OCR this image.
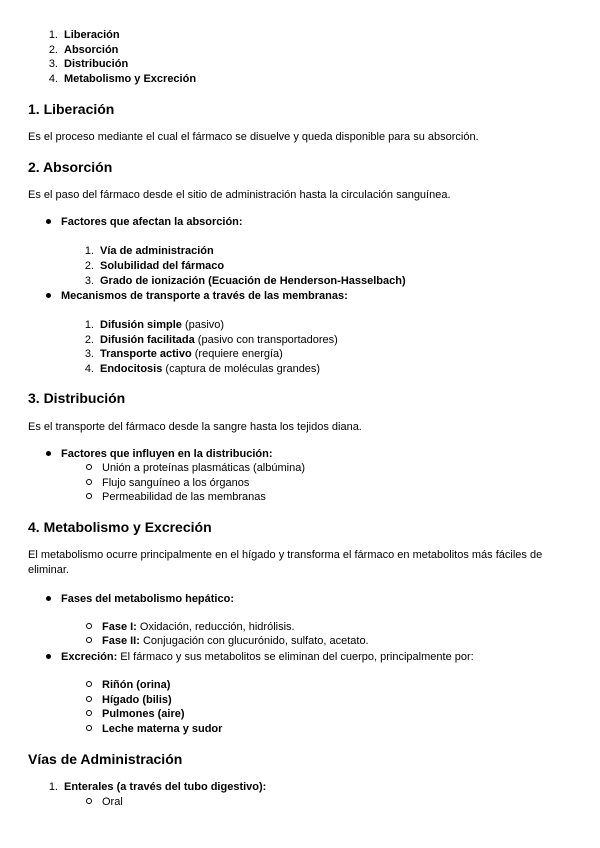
1. Liberación
2. Absorción
3. Distribución
4. Metabolismo y Excreción
1. Liberación
Es el proceso mediante el cual el fármaco se disuelve y queda disponible para su absorción.
2. Absorción
Es el paso del fármaco desde el sitio de administración hasta la circulación sanguínea.
Factores que afectan la absorción:
1. Vía de administración
2. Solubilidad del fármaco
3. Grado de ionización (Ecuación de Henderson-Hasselbach)
Mecanismos de transporte a través de las membranas:
1. Difusión simple (pasivo)
2. Difusión facilitada (pasivo con transportadores)
3. Transporte activo (requiere energía)
4. Endocitosis (captura de moléculas grandes)
3. Distribución
Es el transporte del fármaco desde la sangre hasta los tejidos diana.
Factores que influyen en la distribución:
Unión a proteínas plasmáticas (albúmina)
Flujo sanguíneo a los órganos
Permeabilidad de las membranas
4. Metabolismo y Excreción
El metabolismo ocurre principalmente en el hígado y transforma el fármaco en metabolitos más fáciles de eliminar.
Fases del metabolismo hepático:
Fase I: Oxidación, reducción, hidrólisis.
Fase II: Conjugación con glucurónido, sulfato, acetato.
Excreción: El fármaco y sus metabolitos se eliminan del cuerpo, principalmente por:
Riñón (orina)
Hígado (bilis)
Pulmones (aire)
Leche materna y sudor
Vías de Administración
1. Enterales (a través del tubo digestivo):
Oral
